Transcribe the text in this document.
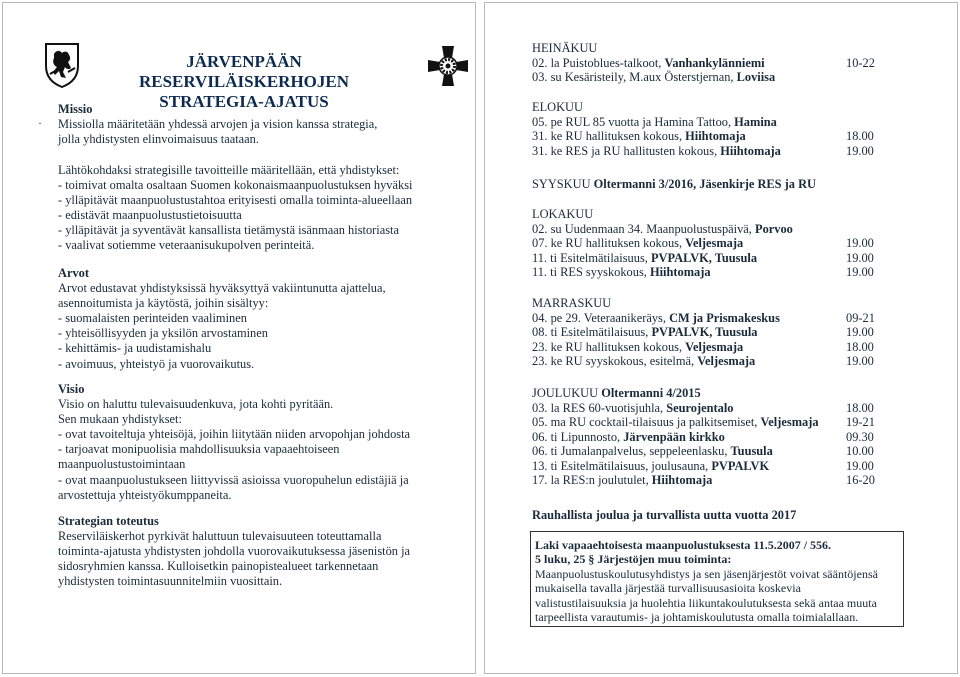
JÄRVENPÄÄN RESERVILÄISKERHOJEN
STRATEGIA-AJATUS
·
Missio
Missiolla määritetään yhdessä arvojen ja vision kanssa strategia,
jolla yhdistysten elinvoimaisuus taataan.
Lähtökohdaksi strategisille tavoitteille määritellään, että yhdistykset:
- toimivat omalta osaltaan Suomen kokonaismaanpuolustuksen hyväksi
- ylläpitävät maanpuolustustahtoa erityisesti omalla toiminta-alueellaan
- edistävät maanpuolustustietoisuutta
- ylläpitävät ja syventävät kansallista tietämystä isänmaan historiasta
- vaalivat sotiemme veteraanisukupolven perinteitä.
Arvot
Arvot edustavat yhdistyksissä hyväksyttyä vakiintunutta ajattelua,
asennoitumista ja käytöstä, joihin sisältyy:
- suomalaisten perinteiden vaaliminen
- yhteisöllisyyden ja yksilön arvostaminen
- kehittämis- ja uudistamishalu
- avoimuus, yhteistyö ja vuorovaikutus.
Visio
Visio on haluttu tulevaisuudenkuva, jota kohti pyritään.
Sen mukaan yhdistykset:
- ovat tavoiteltuja yhteisöjä, joihin liitytään niiden arvopohjan johdosta
- tarjoavat monipuolisia mahdollisuuksia vapaaehtoiseen
maanpuolustustoimintaan
- ovat maanpuolustukseen liittyvissä asioissa vuoropuhelun edistäjiä ja
arvostettuja yhteistyökumppaneita.
Strategian toteutus
Reserviläiskerhot pyrkivät haluttuun tulevaisuuteen toteuttamalla
toiminta-ajatusta yhdistysten johdolla vuorovaikutuksessa jäsenistön ja
sidosryhmien kanssa. Kulloisetkin painopistealueet tarkennetaan
yhdistysten toimintasuunnitelmiin vuosittain.
HEINÄKUU
02. la Puistoblues-talkoot, Vanhankylänniemi	10-22
03. su Kesäristeily, M.aux Österstjernan, Loviisa
ELOKUU
05. pe RUL 85 vuotta ja Hamina Tattoo, Hamina
31. ke RU hallituksen kokous, Hiihtomaja	18.00
31. ke RES ja RU hallitusten kokous, Hiihtomaja	19.00
SYYSKUU Oltermanni 3/2016, Jäsenkirje RES ja RU
LOKAKUU
02. su Uudenmaan 34. Maanpuolustuspäivä, Porvoo
07. ke RU hallituksen kokous, Veljesmaja	19.00
11. ti Esitelmätilaisuus, PVPALVK, Tuusula	19.00
11. ti RES syyskokous, Hiihtomaja	19.00
MARRASKUU
04. pe 29. Veteraanikeräys, CM ja Prismakeskus	09-21
08. ti Esitelmätilaisuus, PVPALVK, Tuusula	19.00
23. ke RU hallituksen kokous, Veljesmaja	18.00
23. ke RU syyskokous, esitelmä, Veljesmaja	19.00
JOULUKUU Oltermanni 4/2015
03. la RES 60-vuotisjuhla, Seurojentalo	18.00
05. ma RU cocktail-tilaisuus ja palkitsemiset, Veljesmaja 19-21
06. ti Lipunnosto, Järvenpään kirkko	09.30
06. ti Jumalanpalvelus, seppeleenlasku, Tuusula	10.00
13. ti Esitelmätilaisuus, joulusauna, PVPALVK	19.00
17. la RES:n joulutulet, Hiihtomaja	16-20
Rauhallista joulua ja turvallista uutta vuotta 2017
Laki vapaaehtoisesta maanpuolustuksesta 11.5.2007 / 556.
5 luku, 25 § Järjestöjen muu toiminta:
Maanpuolustuskoulutusyhdistys ja sen jäsenjärjestöt voivat sääntöjensä
mukaisella tavalla järjestää turvallisuusasioita koskevia
valistustilaisuuksia ja huolehtia liikuntakoulutuksesta sekä antaa muuta
tarpeellista varautumis- ja johtamiskoulutusta omalla toimialallaan.
